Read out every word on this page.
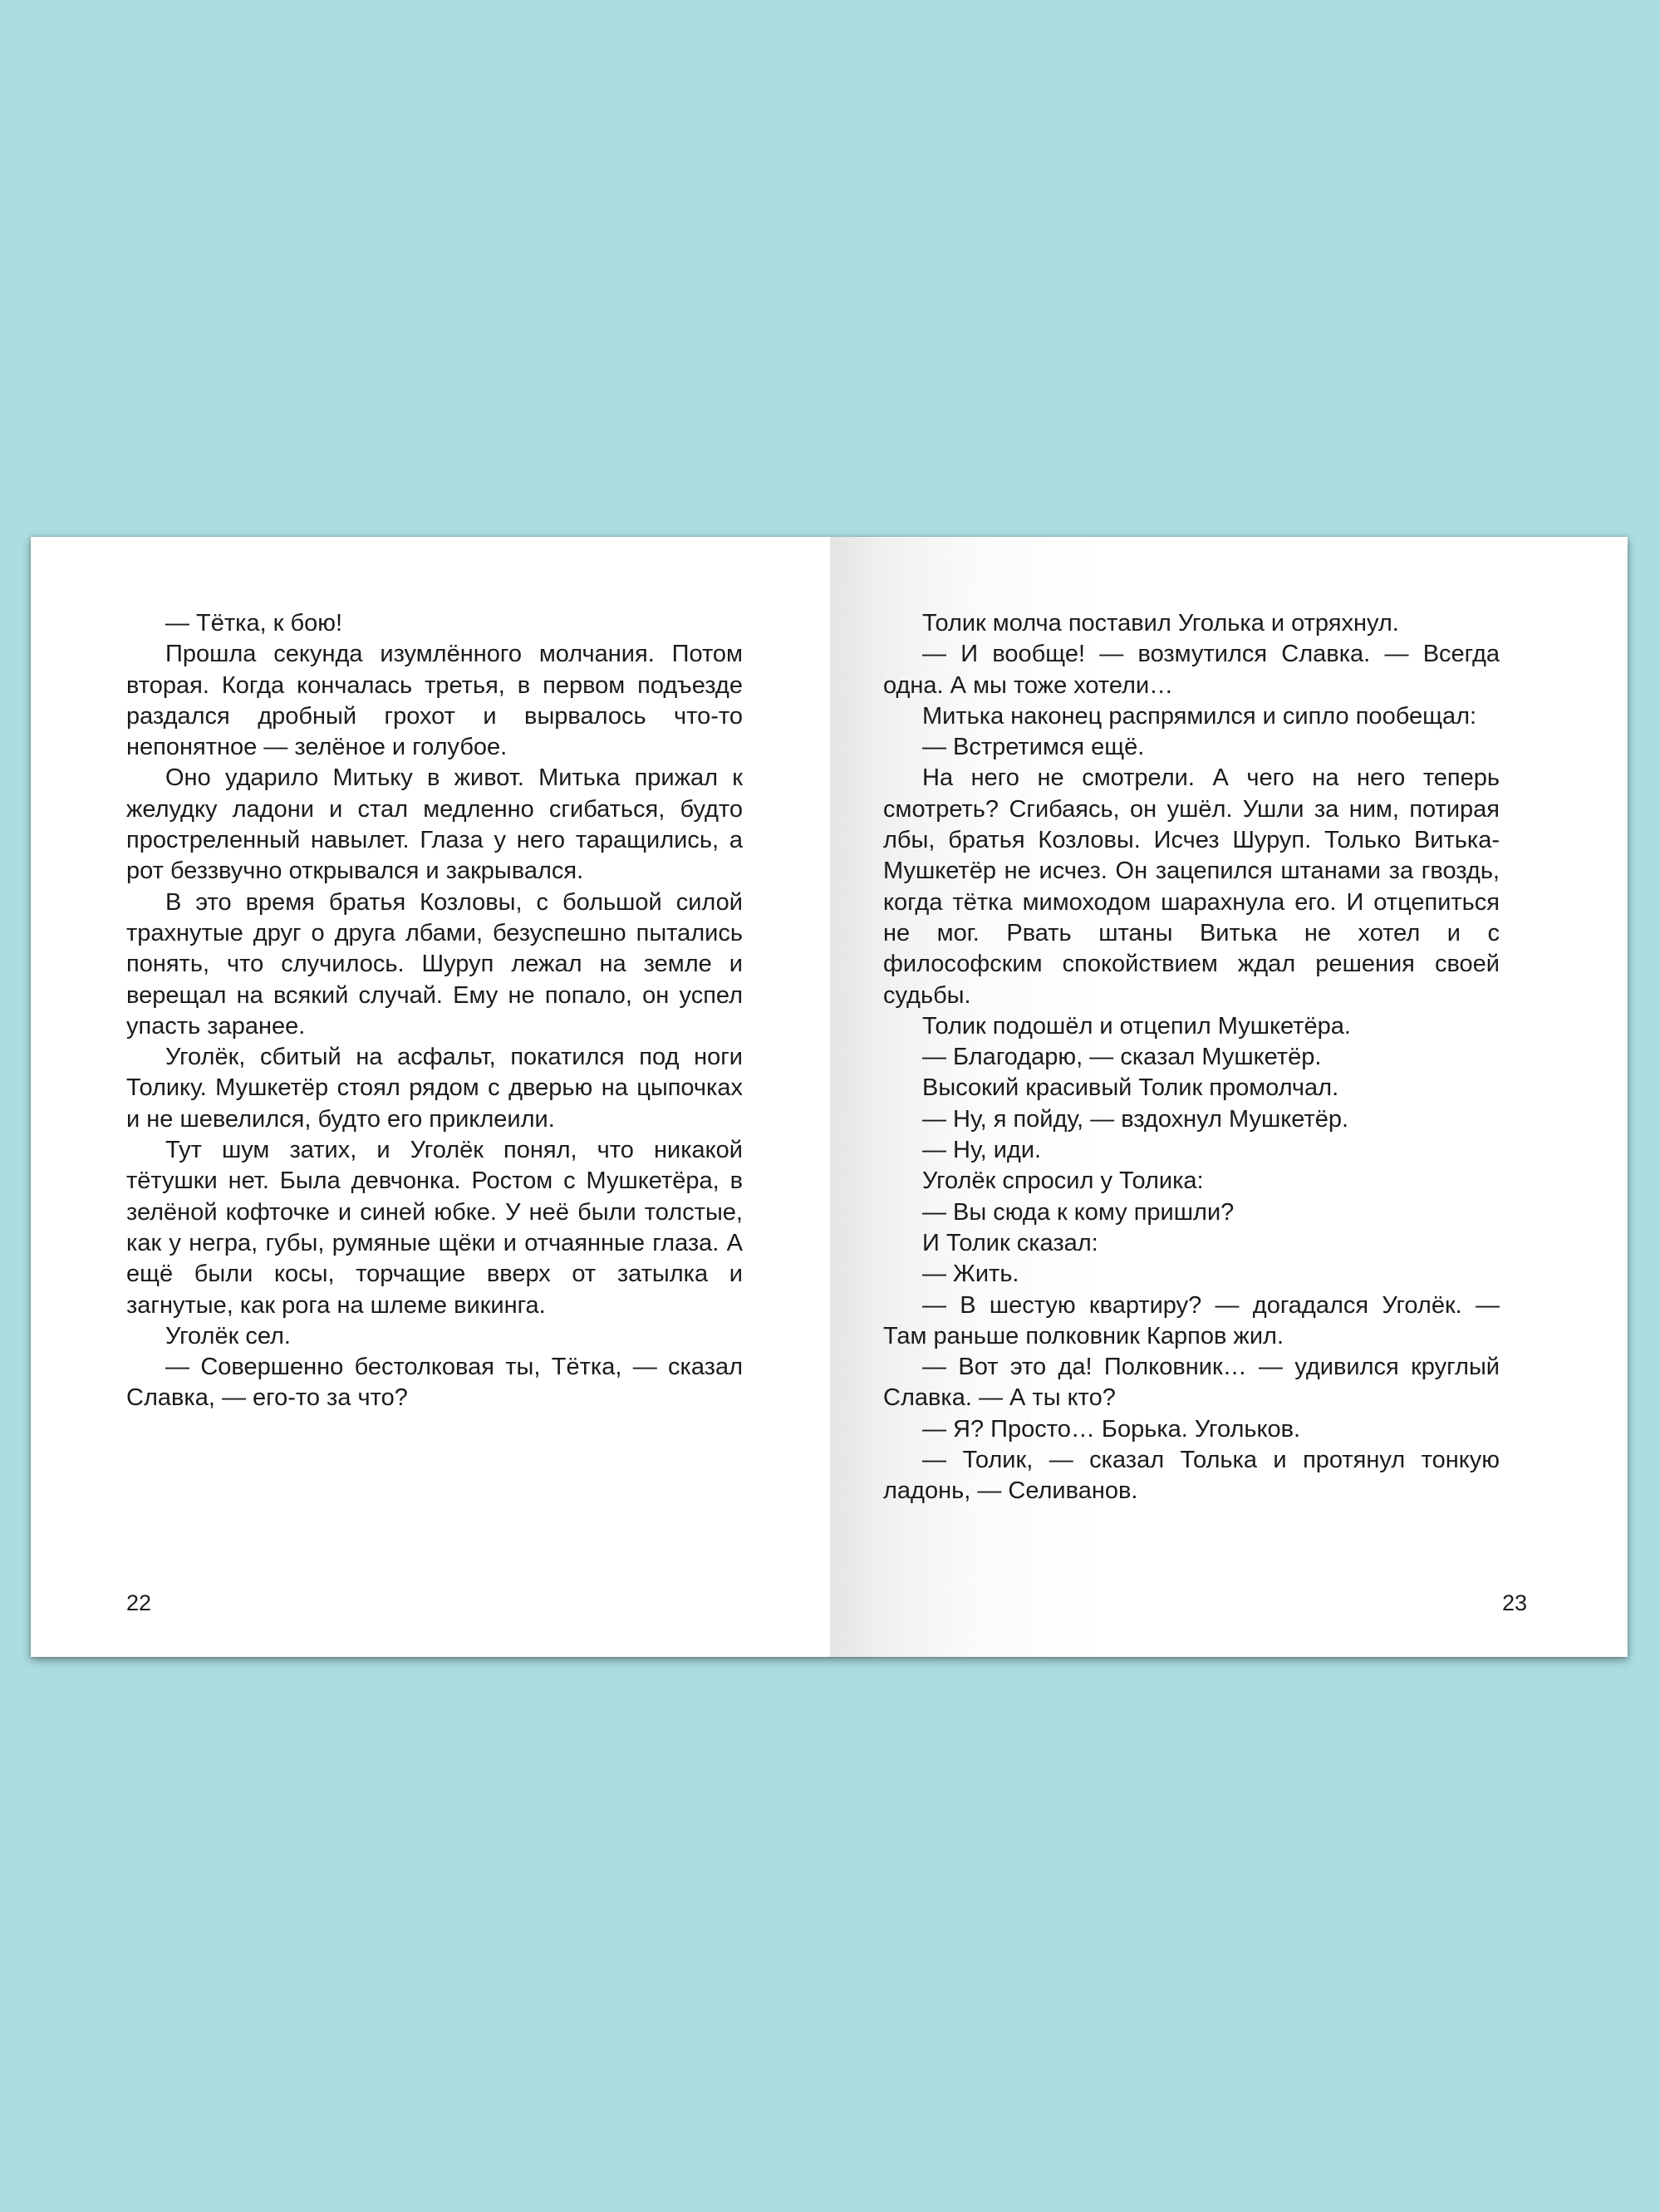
— Тётка, к бою!

Прошла секунда изумлённого молчания. Потом вторая. Когда кончалась третья, в первом подъезде раздался дробный грохот и вырвалось что-то непонятное — зелёное и голубое.

Оно ударило Митьку в живот. Митька прижал к желудку ладони и стал медленно сгибаться, будто простреленный навылет. Глаза у него таращились, а рот беззвучно открывался и закрывался.

В это время братья Козловы, с большой силой трахнутые друг о друга лбами, безуспешно пытались понять, что случилось. Шуруп лежал на земле и верещал на всякий случай. Ему не попало, он успел упасть заранее.

Уголёк, сбитый на асфальт, покатился под ноги Толику. Мушкетёр стоял рядом с дверью на цыпочках и не шевелился, будто его приклеили.

Тут шум затих, и Уголёк понял, что никакой тётушки нет. Была девчонка. Ростом с Мушкетёра, в зелёной кофточке и синей юбке. У неё были толстые, как у негра, губы, румяные щёки и отчаянные глаза. А ещё были косы, торчащие вверх от затылка и загнутые, как рога на шлеме викинга.

Уголёк сел.

— Совершенно бестолковая ты, Тётка, — сказал Славка, — его-то за что?

22

Толик молча поставил Уголька и отряхнул.

— И вообще! — возмутился Славка. — Всегда одна. А мы тоже хотели…

Митька наконец распрямился и сипло пообещал:

— Встретимся ещё.

На него не смотрели. А чего на него теперь смотреть? Сгибаясь, он ушёл. Ушли за ним, потирая лбы, братья Козловы. Исчез Шуруп. Только Витька-Мушкетёр не исчез. Он зацепился штанами за гвоздь, когда тётка мимоходом шарахнула его. И отцепиться не мог. Рвать штаны Витька не хотел и с философским спокойствием ждал решения своей судьбы.

Толик подошёл и отцепил Мушкетёра.

— Благодарю, — сказал Мушкетёр.

Высокий красивый Толик промолчал.

— Ну, я пойду, — вздохнул Мушкетёр.

— Ну, иди.

Уголёк спросил у Толика:

— Вы сюда к кому пришли?

И Толик сказал:

— Жить.

— В шестую квартиру? — догадался Уголёк. — Там раньше полковник Карпов жил.

— Вот это да! Полковник… — удивился круглый Славка. — А ты кто?

— Я? Просто… Борька. Угольков.

— Толик, — сказал Толька и протянул тонкую ладонь, — Селиванов.

23
